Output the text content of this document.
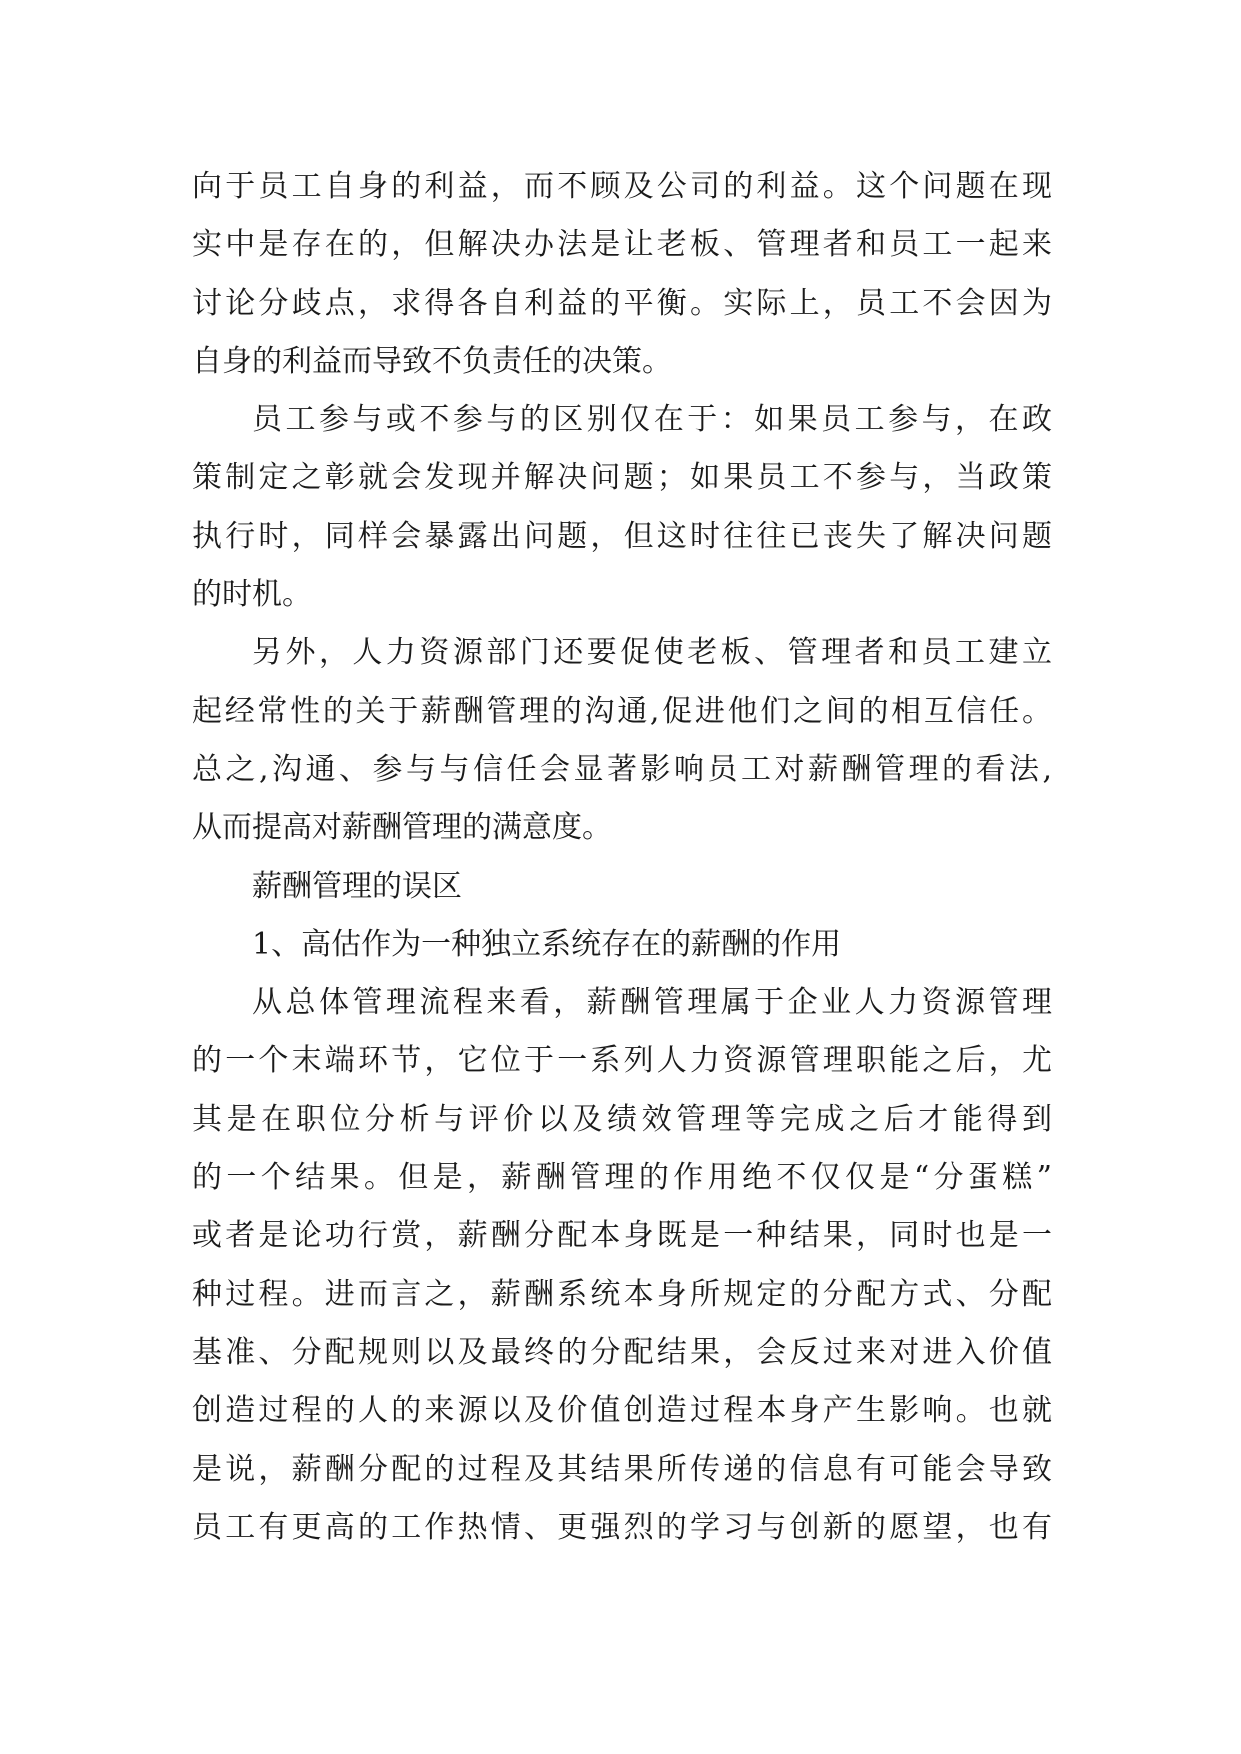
向于员工自身的利益，而不顾及公司的利益。这个问题在现
实中是存在的，但解决办法是让老板、管理者和员工一起来
讨论分歧点，求得各自利益的平衡。实际上，员工不会因为
自身的利益而导致不负责任的决策。
员工参与或不参与的区别仅在于：如果员工参与，在政
策制定之彰就会发现并解决问题；如果员工不参与，当政策
执行时，同样会暴露出问题，但这时往往已丧失了解决问题
的时机。
另外，人力资源部门还要促使老板、管理者和员工建立
起经常性的关于薪酬管理的沟通,促进他们之间的相互信任。
总之,沟通、参与与信任会显著影响员工对薪酬管理的看法,
从而提高对薪酬管理的满意度。
薪酬管理的误区
1、高估作为一种独立系统存在的薪酬的作用
从总体管理流程来看，薪酬管理属于企业人力资源管理
的一个末端环节，它位于一系列人力资源管理职能之后，尤
其是在职位分析与评价以及绩效管理等完成之后才能得到
的一个结果。但是，薪酬管理的作用绝不仅仅是“分蛋糕”
或者是论功行赏，薪酬分配本身既是一种结果，同时也是一
种过程。进而言之，薪酬系统本身所规定的分配方式、分配
基准、分配规则以及最终的分配结果，会反过来对进入价值
创造过程的人的来源以及价值创造过程本身产生影响。也就
是说，薪酬分配的过程及其结果所传递的信息有可能会导致
员工有更高的工作热情、更强烈的学习与创新的愿望，也有
